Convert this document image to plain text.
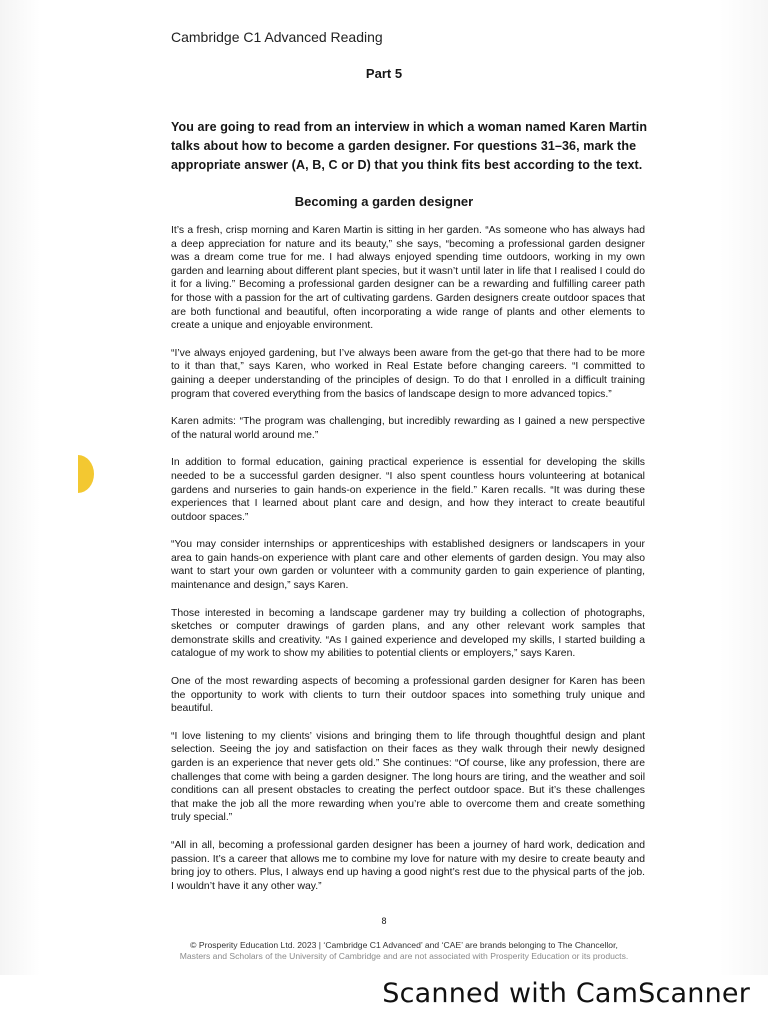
Cambridge C1 Advanced Reading
Part 5
You are going to read from an interview in which a woman named Karen Martin talks about how to become a garden designer. For questions 31–36, mark the appropriate answer (A, B, C or D) that you think fits best according to the text.
Becoming a garden designer

It’s a fresh, crisp morning and Karen Martin is sitting in her garden. “As someone who has always had a deep appreciation for nature and its beauty,” she says, “becoming a professional garden designer was a dream come true for me. I had always enjoyed spending time outdoors, working in my own garden and learning about different plant species, but it wasn’t until later in life that I realised I could do it for a living.” Becoming a professional garden designer can be a rewarding and fulfilling career path for those with a passion for the art of cultivating gardens. Garden designers create outdoor spaces that are both functional and beautiful, often incorporating a wide range of plants and other elements to create a unique and enjoyable environment.

“I’ve always enjoyed gardening, but I’ve always been aware from the get-go that there had to be more to it than that,” says Karen, who worked in Real Estate before changing careers. “I committed to gaining a deeper understanding of the principles of design. To do that I enrolled in a difficult training program that covered everything from the basics of landscape design to more advanced topics.”

Karen admits: “The program was challenging, but incredibly rewarding as I gained a new perspective of the natural world around me.”

In addition to formal education, gaining practical experience is essential for developing the skills needed to be a successful garden designer. “I also spent countless hours volunteering at botanical gardens and nurseries to gain hands-on experience in the field.” Karen recalls. “It was during these experiences that I learned about plant care and design, and how they interact to create beautiful outdoor spaces.”

“You may consider internships or apprenticeships with established designers or landscapers in your area to gain hands-on experience with plant care and other elements of garden design. You may also want to start your own garden or volunteer with a community garden to gain experience of planting, maintenance and design,” says Karen.

Those interested in becoming a landscape gardener may try building a collection of photographs, sketches or computer drawings of garden plans, and any other relevant work samples that demonstrate skills and creativity. “As I gained experience and developed my skills, I started building a catalogue of my work to show my abilities to potential clients or employers,” says Karen.

One of the most rewarding aspects of becoming a professional garden designer for Karen has been the opportunity to work with clients to turn their outdoor spaces into something truly unique and beautiful.

“I love listening to my clients’ visions and bringing them to life through thoughtful design and plant selection. Seeing the joy and satisfaction on their faces as they walk through their newly designed garden is an experience that never gets old.” She continues: “Of course, like any profession, there are challenges that come with being a garden designer. The long hours are tiring, and the weather and soil conditions can all present obstacles to creating the perfect outdoor space. But it’s these challenges that make the job all the more rewarding when you’re able to overcome them and create something truly special.”

“All in all, becoming a professional garden designer has been a journey of hard work, dedication and passion. It’s a career that allows me to combine my love for nature with my desire to create beauty and bring joy to others. Plus, I always end up having a good night’s rest due to the physical parts of the job. I wouldn’t have it any other way.”

8
© Prosperity Education Ltd. 2023 | ‘Cambridge C1 Advanced’ and ‘CAE’ are brands belonging to The Chancellor,
Masters and Scholars of the University of Cambridge and are not associated with Prosperity Education or its products.
Scanned with CamScanner
